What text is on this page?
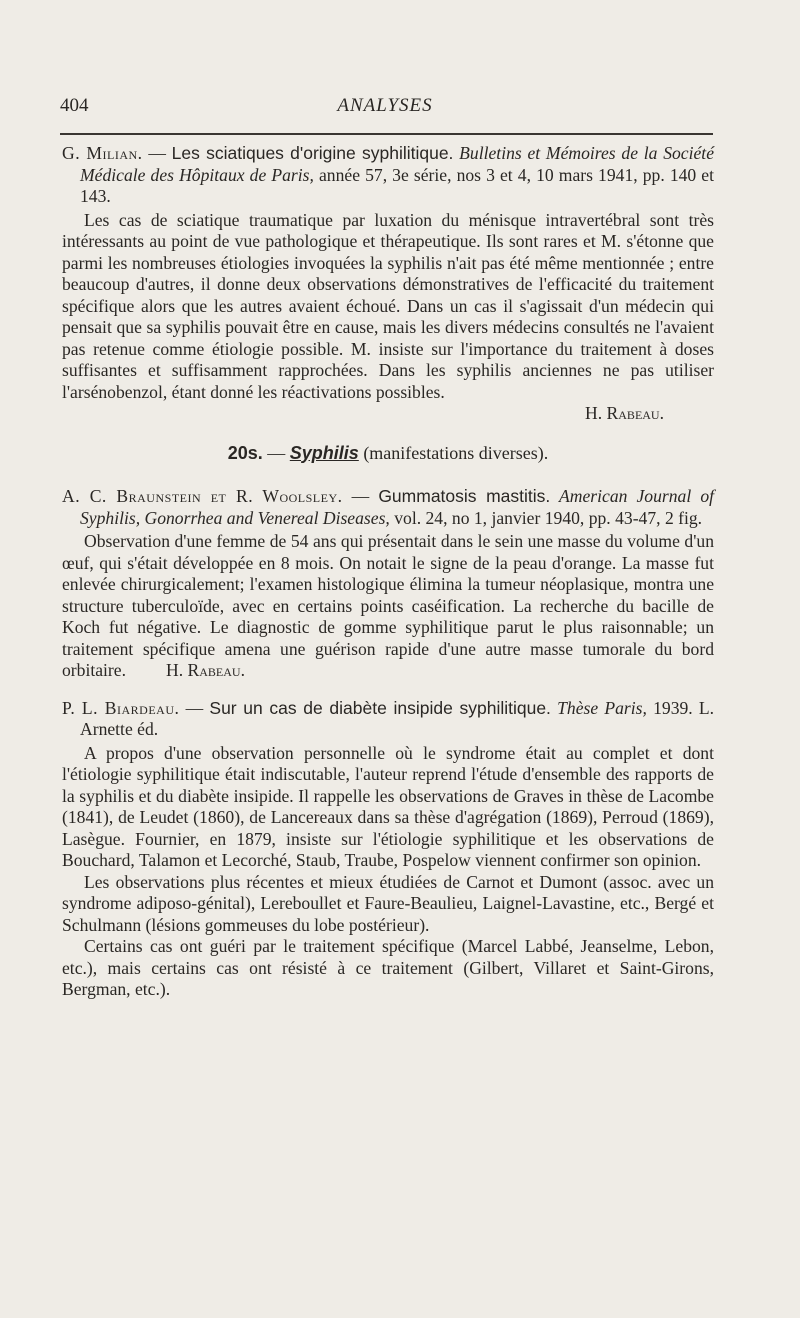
404	ANALYSES

G. Milian. — Les sciatiques d'origine syphilitique. Bulletins et Mémoires de la Société Médicale des Hôpitaux de Paris, année 57, 3e série, nos 3 et 4, 10 mars 1941, pp. 140 et 143.

Les cas de sciatique traumatique par luxation du ménisque intravertébral sont très intéressants au point de vue pathologique et thérapeutique. Ils sont rares et M. s'étonne que parmi les nombreuses étiologies invoquées la syphilis n'ait pas été même mentionnée ; entre beaucoup d'autres, il donne deux observations démonstratives de l'efficacité du traitement spécifique alors que les autres avaient échoué. Dans un cas il s'agissait d'un médecin qui pensait que sa syphilis pouvait être en cause, mais les divers médecins consultés ne l'avaient pas retenue comme étiologie possible. M. insiste sur l'importance du traitement à doses suffisantes et suffisamment rapprochées. Dans les syphilis anciennes ne pas utiliser l'arsénobenzol, étant donné les réactivations possibles.

H. Rabeau.

20s. — Syphilis (manifestations diverses).

A. C. Braunstein et R. Woolsley. — Gummatosis mastitis. American Journal of Syphilis, Gonorrhea and Venereal Diseases, vol. 24, no 1, janvier 1940, pp. 43-47, 2 fig.

Observation d'une femme de 54 ans qui présentait dans le sein une masse du volume d'un œuf, qui s'était développée en 8 mois. On notait le signe de la peau d'orange. La masse fut enlevée chirurgicalement; l'examen histologique élimina la tumeur néoplasique, montra une structure tuberculoïde, avec en certains points caséification. La recherche du bacille de Koch fut négative. Le diagnostic de gomme syphilitique parut le plus raisonnable; un traitement spécifique amena une guérison rapide d'une autre masse tumorale du bord orbitaire. H. Rabeau.

P. L. Biardeau. — Sur un cas de diabète insipide syphilitique. Thèse Paris, 1939. L. Arnette éd.

A propos d'une observation personnelle où le syndrome était au complet et dont l'étiologie syphilitique était indiscutable, l'auteur reprend l'étude d'ensemble des rapports de la syphilis et du diabète insipide. Il rappelle les observations de Graves in thèse de Lacombe (1841), de Leudet (1860), de Lancereaux dans sa thèse d'agrégation (1869), Perroud (1869), Lasègue. Fournier, en 1879, insiste sur l'étiologie syphilitique et les observations de Bouchard, Talamon et Lecorché, Staub, Traube, Pospelow viennent confirmer son opinion.

Les observations plus récentes et mieux étudiées de Carnot et Dumont (assoc. avec un syndrome adiposo-génital), Lereboullet et Faure-Beaulieu, Laignel-Lavastine, etc., Bergé et Schulmann (lésions gommeuses du lobe postérieur).

Certains cas ont guéri par le traitement spécifique (Marcel Labbé, Jeanselme, Lebon, etc.), mais certains cas ont résisté à ce traitement (Gilbert, Villaret et Saint-Girons, Bergman, etc.).
